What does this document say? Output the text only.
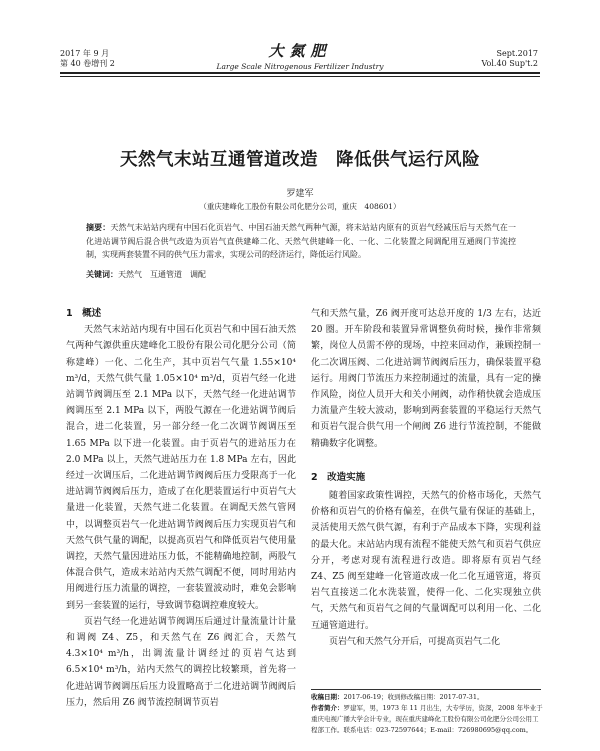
2017 年 9 月
第 40 卷增刊 2
大氮肥
Large Scale Nitrogenous Fertilizer Industry
Sept.2017
Vol.40 Sup't.2
天然气末站互通管道改造　降低供气运行风险
罗建军
（重庆建峰化工股份有限公司化肥分公司，重庆　408601）
摘要：天然气末站站内现有中国石化页岩气、中国石油天然气两种气源，将末站站内原有的页岩气经减压后与天然气在一化进站调节阀后混合供气改造为页岩气直供建峰二化、天然气供建峰一化、一化、二化装置之间调配用互通阀门节流控制，实现两套装置不同的供气压力需求，实现公司的经济运行，降低运行风险。
关键词：天然气　互通管道　调配

1　概述

天然气末站站内现有中国石化页岩气和中国石油天然气两种气源供重庆建峰化工股份有限公司化肥分公司（简称建峰）一化、二化生产，其中页岩气气量 1.55×10⁴ m³/d，天然气供气量 1.05×10⁴ m³/d，页岩气经一化进站调节阀调压至 2.1 MPa 以下，天然气经一化进站调节阀调压至 2.1 MPa 以下，两股气源在一化进站调节阀后混合，进二化装置，另一部分经一化二次调节阀调压至 1.65 MPa 以下进一化装置。由于页岩气的进站压力在 2.0 MPa 以上，天然气进站压力在 1.8 MPa 左右，因此经过一次调压后，二化进站调节阀阀后压力受限高于一化进站调节阀阀后压力，造成了在化肥装置运行中页岩气大量进一化装置，天然气进二化装置。在调配天然气管网中，以调整页岩气一化进站调节阀阀后压力实现页岩气和天然气供气量的调配，以提高页岩气和降低页岩气使用量调控，天然气量因进站压力低，不能精确地控制，两股气体混合供气，造成末站站内天然气调配不便，同时用站内用阀进行压力流量的调控，一套装置波动时，难免会影响到另一套装置的运行，导致调节稳调控难度较大。

页岩气经一化进站调节阀调压后通过计量流量计计量和调阀 Z4、Z5，和天然气在 Z6 阀汇合，天然气 4.3×10⁴ m³/h，出调流量计调经过的页岩气达到 6.5×10⁴ m³/h，站内天然气的调控比较繁琐，首先将一化进站调节阀调压后压力设置略高于二化进站调节阀阀后压力，然后用 Z6 阀节流控制调节页岩

气和天然气量，Z6 阀开度可达总开度的 1/3 左右，达近 20 圈。开车阶段和装置异常调整负荷时候，操作非常频繁，岗位人员需不停的现场，中控来回动作，兼顾控制一化二次调压阀、二化进站调节阀阀后压力，确保装置平稳运行。用阀门节流压力来控制通过的流量，具有一定的操作风险，岗位人员开大和关小闸阀，动作稍快就会造成压力流量产生较大波动，影响到两套装置的平稳运行天然气和页岩气混合供气用一个闸阀 Z6 进行节流控制，不能做精确数字化调整。

2　改造实施

随着国家政策性调控，天然气的价格市场化，天然气价格和页岩气的价格有偏差，在供气量有保证的基础上，灵活使用天然气供气源，有利于产品成本下降，实现利益的最大化。末站站内现有流程不能使天然气和页岩气供应分开，考虑对现有流程进行改造。即将原有页岩气经 Z4、Z5 阀至建峰一化管道改成一化二化互通管道，将页岩气直接送二化水洗装置，使得一化、二化实现独立供气，天然气和页岩气之间的气量调配可以利用一化、二化互通管道进行。

页岩气和天然气分开后，可提高页岩气二化

收稿日期：2017-06-19；收到修改稿日期：2017-07-31。
作者简介：罗建军，男，1973 年 11 月出生，大专学历，资深，2008 年毕业于重庆电视广播大学会计专业，现在重庆建峰化工股份有限公司化肥分公司公用工程部工作。联系电话：023-72597644；E-mail：726980695@qq.com。
